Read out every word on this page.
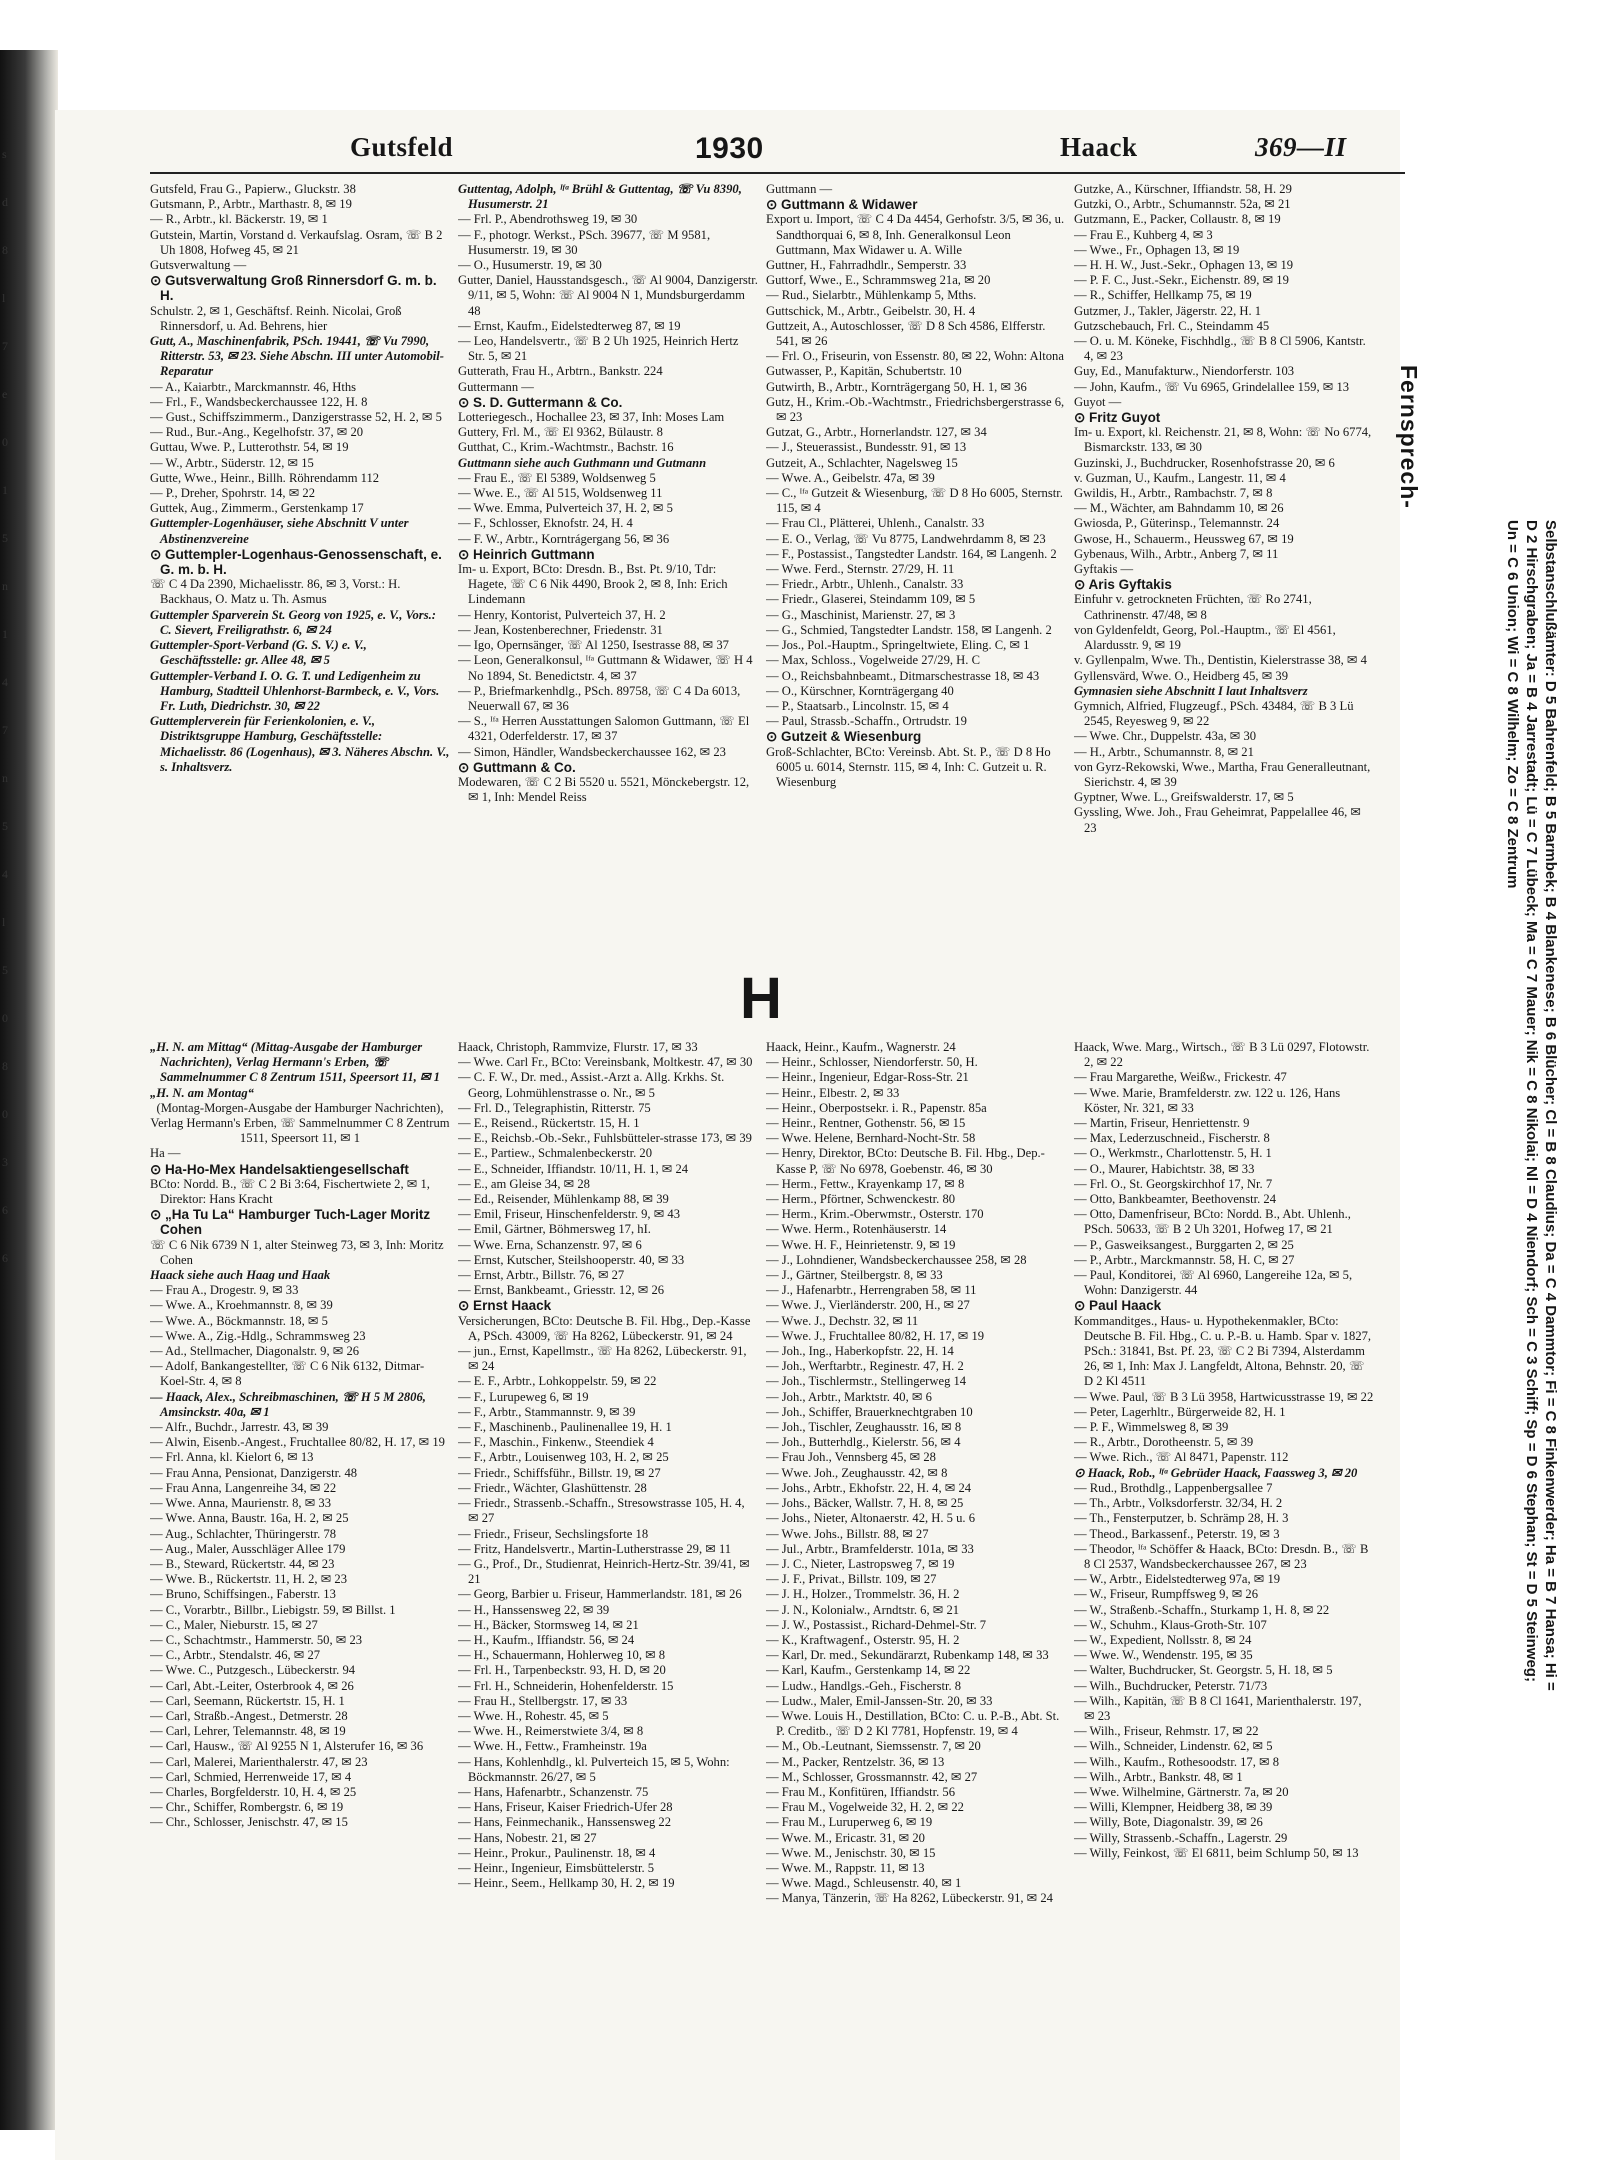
s
d
8
l
7
e
0
1
5
n
1
4
7
n
5
4
l
5
0
8
0
3
6
6
Gutsfeld	1930	Haack	369—II

Gutsfeld, Frau G., Papierw., Gluckstr. 38

Gutsmann, P., Arbtr., Marthastr. 8, ✉ 19

— R., Arbtr., kl. Bäckerstr. 19, ✉ 1

Gutstein, Martin, Vorstand d. Verkaufslag. Osram, ☏ B 2 Uh 1808, Hofweg 45, ✉ 21

Gutsverwaltung —

⊙ Gutsverwaltung Groß Rinnersdorf G. m. b. H.

Schulstr. 2, ✉ 1, Geschäftsf. Reinh. Nicolai, Groß Rinnersdorf, u. Ad. Behrens, hier

Gutt, A., Maschinenfabrik, PSch. 19441, ☏ Vu 7990, Ritterstr. 53, ✉ 23. Siehe Abschn. III unter Automobil-Reparatur

— A., Kaiarbtr., Marckmannstr. 46, Hths

— Frl., F., Wandsbeckerchaussee 122, H. 8

— Gust., Schiffszimmerm., Danzigerstrasse 52, H. 2, ✉ 5

— Rud., Bur.-Ang., Kegelhofstr. 37, ✉ 20

Guttau, Wwe. P., Lutterothstr. 54, ✉ 19

— W., Arbtr., Süderstr. 12, ✉ 15

Gutte, Wwe., Heinr., Billh. Röhrendamm 112

— P., Dreher, Spohrstr. 14, ✉ 22

Guttek, Aug., Zimmerm., Gerstenkamp 17

Guttempler-Logenhäuser, siehe Abschnitt V unter Abstinenzvereine

⊙ Guttempler-Logenhaus-Genossenschaft, e. G. m. b. H.

☏ C 4 Da 2390, Michaelisstr. 86, ✉ 3, Vorst.: H. Backhaus, O. Matz u. Th. Asmus

Guttempler Sparverein St. Georg von 1925, e. V., Vors.: C. Sievert, Freiligrathstr. 6, ✉ 24

Guttempler-Sport-Verband (G. S. V.) e. V., Geschäftsstelle: gr. Allee 48, ✉ 5

Guttempler-Verband I. O. G. T. und Ledigenheim zu Hamburg, Stadtteil Uhlenhorst-Barmbeck, e. V., Vors. Fr. Luth, Diedrichstr. 30, ✉ 22

Guttemplerverein für Ferienkolonien, e. V., Distriktsgruppe Hamburg, Geschäftsstelle: Michaelisstr. 86 (Logenhaus), ✉ 3. Näheres Abschn. V., s. Inhaltsverz.

Guttentag, Adolph, ᴵᶠᵃ Brühl & Guttentag, ☏ Vu 8390, Husumerstr. 21

— Frl. P., Abendrothsweg 19, ✉ 30

— F., photogr. Werkst., PSch. 39677, ☏ M 9581, Husumerstr. 19, ✉ 30

— O., Husumerstr. 19, ✉ 30

Gutter, Daniel, Hausstandsgesch., ☏ Al 9004, Danzigerstr. 9/11, ✉ 5, Wohn: ☏ Al 9004 N 1, Mundsburgerdamm 48

— Ernst, Kaufm., Eidelstedterweg 87, ✉ 19

— Leo, Handelsvertr., ☏ B 2 Uh 1925, Heinrich Hertz Str. 5, ✉ 21

Gutterath, Frau H., Arbtrn., Bankstr. 224

Guttermann —

⊙ S. D. Guttermann & Co.

Lotteriegesch., Hochallee 23, ✉ 37, Inh: Moses Lam

Guttery, Frl. M., ☏ El 9362, Bülaustr. 8

Gutthat, C., Krim.-Wachtmstr., Bachstr. 16

Guttmann siehe auch Guthmann und Gutmann

— Frau E., ☏ El 5389, Woldsenweg 5

— Wwe. E., ☏ Al 515, Woldsenweg 11

— Wwe. Emma, Pulverteich 37, H. 2, ✉ 5

— F., Schlosser, Eknofstr. 24, H. 4

— F. W., Arbtr., Korntrágergang 56, ✉ 36

⊙ Heinrich Guttmann

Im- u. Export, BCto: Dresdn. B., Bst. Pt. 9/10, Tdr: Hagete, ☏ C 6 Nik 4490, Brook 2, ✉ 8, Inh: Erich Lindemann

— Henry, Kontorist, Pulverteich 37, H. 2

— Jean, Kostenberechner, Friedenstr. 31

— Igo, Opernsänger, ☏ Al 1250, Isestrasse 88, ✉ 37

— Leon, Generalkonsul, ᴵᶠᵃ Guttmann & Widawer, ☏ H 4 No 1894, St. Benedictstr. 4, ✉ 37

— P., Briefmarkenhdlg., PSch. 89758, ☏ C 4 Da 6013, Neuerwall 67, ✉ 36

— S., ᴵᶠᵃ Herren Ausstattungen Salomon Guttmann, ☏ El 4321, Oderfelderstr. 17, ✉ 37

— Simon, Händler, Wandsbeckerchaussee 162, ✉ 23

⊙ Guttmann & Co.

Modewaren, ☏ C 2 Bi 5520 u. 5521, Mönckebergstr. 12, ✉ 1, Inh: Mendel Reiss

Guttmann —

⊙ Guttmann & Widawer

Export u. Import, ☏ C 4 Da 4454, Gerhofstr. 3/5, ✉ 36, u. Sandthorquai 6, ✉ 8, Inh. Generalkonsul Leon Guttmann, Max Widawer u. A. Wille

Guttner, H., Fahrradhdlr., Semperstr. 33

Guttorf, Wwe., E., Schrammsweg 21a, ✉ 20

— Rud., Sielarbtr., Mühlenkamp 5, Mths.

Guttschick, M., Arbtr., Geibelstr. 30, H. 4

Guttzeit, A., Autoschlosser, ☏ D 8 Sch 4586, Elfferstr. 541, ✉ 26

— Frl. O., Friseurin, von Essenstr. 80, ✉ 22, Wohn: Altona

Gutwasser, P., Kapitän, Schubertstr. 10

Gutwirth, B., Arbtr., Kornträgergang 50, H. 1, ✉ 36

Gutz, H., Krim.-Ob.-Wachtmstr., Friedrichsbergerstrasse 6, ✉ 23

Gutzat, G., Arbtr., Hornerlandstr. 127, ✉ 34

— J., Steuerassist., Bundesstr. 91, ✉ 13

Gutzeit, A., Schlachter, Nagelsweg 15

— Wwe. A., Geibelstr. 47a, ✉ 39

— C., ᴵᶠᵃ Gutzeit & Wiesenburg, ☏ D 8 Ho 6005, Sternstr. 115, ✉ 4

— Frau Cl., Plätterei, Uhlenh., Canalstr. 33

— E. O., Verlag, ☏ Vu 8775, Landwehrdamm 8, ✉ 23

— F., Postassist., Tangstedter Landstr. 164, ✉ Langenh. 2

— Wwe. Ferd., Sternstr. 27/29, H. 11

— Friedr., Arbtr., Uhlenh., Canalstr. 33

— Friedr., Glaserei, Steindamm 109, ✉ 5

— G., Maschinist, Marienstr. 27, ✉ 3

— G., Schmied, Tangstedter Landstr. 158, ✉ Langenh. 2

— Jos., Pol.-Hauptm., Springeltwiete, Eling. C, ✉ 1

— Max, Schloss., Vogelweide 27/29, H. C

— O., Reichsbahnbeamt., Ditmarschestrasse 18, ✉ 43

— O., Kürschner, Kornträgergang 40

— P., Staatsarb., Lincolnstr. 15, ✉ 4

— Paul, Strassb.-Schaffn., Ortrudstr. 19

⊙ Gutzeit & Wiesenburg

Groß-Schlachter, BCto: Vereinsb. Abt. St. P., ☏ D 8 Ho 6005 u. 6014, Sternstr. 115, ✉ 4, Inh: C. Gutzeit u. R. Wiesenburg

Gutzke, A., Kürschner, Iffiandstr. 58, H. 29

Gutzki, O., Arbtr., Schumannstr. 52a, ✉ 21

Gutzmann, E., Packer, Collaustr. 8, ✉ 19

— Frau E., Kuhberg 4, ✉ 3

— Wwe., Fr., Ophagen 13, ✉ 19

— H. H. W., Just.-Sekr., Ophagen 13, ✉ 19

— P. F. C., Just.-Sekr., Eichenstr. 89, ✉ 19

— R., Schiffer, Hellkamp 75, ✉ 19

Gutzmer, J., Takler, Jägerstr. 22, H. 1

Gutzschebauch, Frl. C., Steindamm 45

— O. u. M. Köneke, Fischhdlg., ☏ B 8 Cl 5906, Kantstr. 4, ✉ 23

Guy, Ed., Manufakturw., Niendorferstr. 103

— John, Kaufm., ☏ Vu 6965, Grindelallee 159, ✉ 13

Guyot —

⊙ Fritz Guyot

Im- u. Export, kl. Reichenstr. 21, ✉ 8, Wohn: ☏ No 6774, Bismarckstr. 133, ✉ 30

Guzinski, J., Buchdrucker, Rosenhofstrasse 20, ✉ 6

v. Guzman, U., Kaufm., Langestr. 11, ✉ 4

Gwildis, H., Arbtr., Rambachstr. 7, ✉ 8

— M., Wächter, am Bahndamm 10, ✉ 26

Gwiosda, P., Güterinsp., Telemannstr. 24

Gwose, H., Schauerm., Heussweg 67, ✉ 19

Gybenaus, Wilh., Arbtr., Anberg 7, ✉ 11

Gyftakis —

⊙ Aris Gyftakis

Einfuhr v. getrockneten Früchten, ☏ Ro 2741, Cathrinenstr. 47/48, ✉ 8

von Gyldenfeldt, Georg, Pol.-Hauptm., ☏ El 4561, Alardusstr. 9, ✉ 19

v. Gyllenpalm, Wwe. Th., Dentistin, Kielerstrasse 38, ✉ 4

Gyllensvärd, Wwe. O., Heidberg 45, ✉ 39

Gymnasien siehe Abschnitt I laut Inhaltsverz

Gymnich, Alfried, Flugzeugf., PSch. 43484, ☏ B 3 Lü 2545, Reyesweg 9, ✉ 22

— Wwe. Chr., Duppelstr. 43a, ✉ 30

— H., Arbtr., Schumannstr. 8, ✉ 21

von Gyrz-Rekowski, Wwe., Martha, Frau Generalleutnant, Sierichstr. 4, ✉ 39

Gyptner, Wwe. L., Greifswalderstr. 17, ✉ 5

Gyssling, Wwe. Joh., Frau Geheimrat, Pappelallee 46, ✉ 23

H

„H. N. am Mittag“ (Mittag-Ausgabe der Hamburger Nachrichten), Verlag Hermann's Erben, ☏ Sammelnummer C 8 Zentrum 1511, Speersort 11, ✉ 1

„H. N. am Montag“

(Montag-Morgen-Ausgabe der Hamburger Nachrichten), Verlag Hermann's Erben, ☏ Sammelnummer C 8 Zentrum 1511, Speersort 11, ✉ 1

Ha —

⊙ Ha-Ho-Mex Handelsaktiengesellschaft

BCto: Nordd. B., ☏ C 2 Bi 3:64, Fischertwiete 2, ✉ 1, Direktor: Hans Kracht

⊙ „Ha Tu La“ Hamburger Tuch-Lager Moritz Cohen

☏ C 6 Nik 6739 N 1, alter Steinweg 73, ✉ 3, Inh: Moritz Cohen

Haack siehe auch Haag und Haak

— Frau A., Drogestr. 9, ✉ 33

— Wwe. A., Kroehmannstr. 8, ✉ 39

— Wwe. A., Böckmannstr. 18, ✉ 5

— Wwe. A., Zig.-Hdlg., Schrammsweg 23

— Ad., Stellmacher, Diagonalstr. 9, ✉ 26

— Adolf, Bankangestellter, ☏ C 6 Nik 6132, Ditmar-Koel-Str. 4, ✉ 8

— Haack, Alex., Schreibmaschinen, ☏ H 5 M 2806, Amsinckstr. 40a, ✉ 1

— Alfr., Buchdr., Jarrestr. 43, ✉ 39

— Alwin, Eisenb.-Angest., Fruchtallee 80/82, H. 17, ✉ 19

— Frl. Anna, kl. Kielort 6, ✉ 13

— Frau Anna, Pensionat, Danzigerstr. 48

— Frau Anna, Langenreihe 34, ✉ 22

— Wwe. Anna, Maurienstr. 8, ✉ 33

— Wwe. Anna, Baustr. 16a, H. 2, ✉ 25

— Aug., Schlachter, Thüringerstr. 78

— Aug., Maler, Ausschläger Allee 179

— B., Steward, Rückertstr. 44, ✉ 23

— Wwe. B., Rückertstr. 11, H. 2, ✉ 23

— Bruno, Schiffsingen., Faberstr. 13

— C., Vorarbtr., Billbr., Liebigstr. 59, ✉ Billst. 1

— C., Maler, Nieburstr. 15, ✉ 27

— C., Schachtmstr., Hammerstr. 50, ✉ 23

— C., Arbtr., Stendalstr. 46, ✉ 27

— Wwe. C., Putzgesch., Lübeckerstr. 94

— Carl, Abt.-Leiter, Osterbrook 4, ✉ 26

— Carl, Seemann, Rückertstr. 15, H. 1

— Carl, Straßb.-Angest., Detmerstr. 28

— Carl, Lehrer, Telemannstr. 48, ✉ 19

— Carl, Hausw., ☏ Al 9255 N 1, Alsterufer 16, ✉ 36

— Carl, Malerei, Marienthalerstr. 47, ✉ 23

— Carl, Schmied, Herrenweide 17, ✉ 4

— Charles, Borgfelderstr. 10, H. 4, ✉ 25

— Chr., Schiffer, Rombergstr. 6, ✉ 19

— Chr., Schlosser, Jenischstr. 47, ✉ 15

Haack, Christoph, Rammvize, Flurstr. 17, ✉ 33

— Wwe. Carl Fr., BCto: Vereinsbank, Moltkestr. 47, ✉ 30

— C. F. W., Dr. med., Assist.-Arzt a. Allg. Krkhs. St. Georg, Lohmühlenstrasse o. Nr., ✉ 5

— Frl. D., Telegraphistin, Ritterstr. 75

— E., Reisend., Rückertstr. 15, H. 1

— E., Reichsb.-Ob.-Sekr., Fuhlsbütteler-strasse 173, ✉ 39

— E., Partiew., Schmalenbeckerstr. 20

— E., Schneider, Iffiandstr. 10/11, H. 1, ✉ 24

— E., am Gleise 34, ✉ 28

— Ed., Reisender, Mühlenkamp 88, ✉ 39

— Emil, Friseur, Hinschenfelderstr. 9, ✉ 43

— Emil, Gärtner, Böhmersweg 17, hI.

— Wwe. Erna, Schanzenstr. 97, ✉ 6

— Ernst, Kutscher, Steilshooperstr. 40, ✉ 33

— Ernst, Arbtr., Billstr. 76, ✉ 27

— Ernst, Bankbeamt., Griesstr. 12, ✉ 26

⊙ Ernst Haack

Versicherungen, BCto: Deutsche B. Fil. Hbg., Dep.-Kasse A, PSch. 43009, ☏ Ha 8262, Lübeckerstr. 91, ✉ 24

— jun., Ernst, Kapellmstr., ☏ Ha 8262, Lübeckerstr. 91, ✉ 24

— E. F., Arbtr., Lohkoppelstr. 59, ✉ 22

— F., Lurupeweg 6, ✉ 19

— F., Arbtr., Stammannstr. 9, ✉ 39

— F., Maschinenb., Paulinenallee 19, H. 1

— F., Maschin., Finkenw., Steendiek 4

— F., Arbtr., Louisenweg 103, H. 2, ✉ 25

— Friedr., Schiffsführ., Billstr. 19, ✉ 27

— Friedr., Wächter, Glashüttenstr. 28

— Friedr., Strassenb.-Schaffn., Stresowstrasse 105, H. 4, ✉ 27

— Friedr., Friseur, Sechslingsforte 18

— Fritz, Handelsvertr., Martin-Lutherstrasse 29, ✉ 11

— G., Prof., Dr., Studienrat, Heinrich-Hertz-Str. 39/41, ✉ 21

— Georg, Barbier u. Friseur, Hammerlandstr. 181, ✉ 26

— H., Hanssensweg 22, ✉ 39

— H., Bäcker, Stormsweg 14, ✉ 21

— H., Kaufm., Iffiandstr. 56, ✉ 24

— H., Schauermann, Hohlerweg 10, ✉ 8

— Frl. H., Tarpenbeckstr. 93, H. D, ✉ 20

— Frl. H., Schneiderin, Hohenfelderstr. 15

— Frau H., Stellbergstr. 17, ✉ 33

— Wwe. H., Rohestr. 45, ✉ 5

— Wwe. H., Reimerstwiete 3/4, ✉ 8

— Wwe. H., Fettw., Framheinstr. 19a

— Hans, Kohlenhdlg., kl. Pulverteich 15, ✉ 5, Wohn: Böckmannstr. 26/27, ✉ 5

— Hans, Hafenarbtr., Schanzenstr. 75

— Hans, Friseur, Kaiser Friedrich-Ufer 28

— Hans, Feinmechanik., Hanssensweg 22

— Hans, Nobestr. 21, ✉ 27

— Heinr., Prokur., Paulinenstr. 18, ✉ 4

— Heinr., Ingenieur, Eimsbüttelerstr. 5

— Heinr., Seem., Hellkamp 30, H. 2, ✉ 19

Haack, Heinr., Kaufm., Wagnerstr. 24

— Heinr., Schlosser, Niendorferstr. 50, H.

— Heinr., Ingenieur, Edgar-Ross-Str. 21

— Heinr., Elbestr. 2, ✉ 33

— Heinr., Oberpostsekr. i. R., Papenstr. 85a

— Heinr., Rentner, Gothenstr. 56, ✉ 15

— Wwe. Helene, Bernhard-Nocht-Str. 58

— Henry, Direktor, BCto: Deutsche B. Fil. Hbg., Dep.-Kasse P, ☏ No 6978, Goebenstr. 46, ✉ 30

— Herm., Fettw., Krayenkamp 17, ✉ 8

— Herm., Pförtner, Schwenckestr. 80

— Herm., Krim.-Oberwmstr., Osterstr. 170

— Wwe. Herm., Rotenhäuserstr. 14

— Wwe. H. F., Heinrietenstr. 9, ✉ 19

— J., Lohndiener, Wandsbeckerchaussee 258, ✉ 28

— J., Gärtner, Steilbergstr. 8, ✉ 33

— J., Hafenarbtr., Herrengraben 58, ✉ 11

— Wwe. J., Vierländerstr. 200, H., ✉ 27

— Wwe. J., Dechstr. 32, ✉ 11

— Wwe. J., Fruchtallee 80/82, H. 17, ✉ 19

— Joh., Ing., Haberkopfstr. 22, H. 14

— Joh., Werftarbtr., Reginestr. 47, H. 2

— Joh., Tischlermstr., Stellingerweg 14

— Joh., Arbtr., Marktstr. 40, ✉ 6

— Joh., Schiffer, Brauerknechtgraben 10

— Joh., Tischler, Zeughausstr. 16, ✉ 8

— Joh., Butterhdlg., Kielerstr. 56, ✉ 4

— Frau Joh., Vennsberg 45, ✉ 28

— Wwe. Joh., Zeughausstr. 42, ✉ 8

— Johs., Arbtr., Ekhofstr. 22, H. 4, ✉ 24

— Johs., Bäcker, Wallstr. 7, H. 8, ✉ 25

— Johs., Nieter, Altonaerstr. 42, H. 5 u. 6

— Wwe. Johs., Billstr. 88, ✉ 27

— Jul., Arbtr., Bramfelderstr. 101a, ✉ 33

— J. C., Nieter, Lastropsweg 7, ✉ 19

— J. F., Privat., Billstr. 109, ✉ 27

— J. H., Holzer., Trommelstr. 36, H. 2

— J. N., Kolonialw., Arndtstr. 6, ✉ 21

— J. W., Postassist., Richard-Dehmel-Str. 7

— K., Kraftwagenf., Osterstr. 95, H. 2

— Karl, Dr. med., Sekundärarzt, Rubenkamp 148, ✉ 33

— Karl, Kaufm., Gerstenkamp 14, ✉ 22

— Ludw., Handlgs.-Geh., Fischerstr. 8

— Ludw., Maler, Emil-Janssen-Str. 20, ✉ 33

— Wwe. Louis H., Destillation, BCto: C. u. P.-B., Abt. St. P. Creditb., ☏ D 2 Kl 7781, Hopfenstr. 19, ✉ 4

— M., Ob.-Leutnant, Siemssenstr. 7, ✉ 20

— M., Packer, Rentzelstr. 36, ✉ 13

— M., Schlosser, Grossmannstr. 42, ✉ 27

— Frau M., Konfitüren, Iffiandstr. 56

— Frau M., Vogelweide 32, H. 2, ✉ 22

— Frau M., Luruperweg 6, ✉ 19

— Wwe. M., Ericastr. 31, ✉ 20

— Wwe. M., Jenischstr. 30, ✉ 15

— Wwe. M., Rappstr. 11, ✉ 13

— Wwe. Magd., Schleusenstr. 40, ✉ 1

— Manya, Tänzerin, ☏ Ha 8262, Lübeckerstr. 91, ✉ 24

Haack, Wwe. Marg., Wirtsch., ☏ B 3 Lü 0297, Flotowstr. 2, ✉ 22

— Frau Margarethe, Weißw., Frickestr. 47

— Wwe. Marie, Bramfelderstr. zw. 122 u. 126, Hans Köster, Nr. 321, ✉ 33

— Martin, Friseur, Henriettenstr. 9

— Max, Lederzuschneid., Fischerstr. 8

— O., Werkmstr., Charlottenstr. 5, H. 1

— O., Maurer, Habichtstr. 38, ✉ 33

— Frl. O., St. Georgskirchhof 17, Nr. 7

— Otto, Bankbeamter, Beethovenstr. 24

— Otto, Damenfriseur, BCto: Nordd. B., Abt. Uhlenh., PSch. 50633, ☏ B 2 Uh 3201, Hofweg 17, ✉ 21

— P., Gasweiksangest., Burggarten 2, ✉ 25

— P., Arbtr., Marckmannstr. 58, H. C, ✉ 27

— Paul, Konditorei, ☏ Al 6960, Langereihe 12a, ✉ 5, Wohn: Danzigerstr. 44

⊙ Paul Haack

Kommanditges., Haus- u. Hypothekenmakler, BCto: Deutsche B. Fil. Hbg., C. u. P.-B. u. Hamb. Spar v. 1827, PSch.: 31841, Bst. Pf. 23, ☏ C 2 Bi 7394, Alsterdamm 26, ✉ 1, Inh: Max J. Langfeldt, Altona, Behnstr. 20, ☏ D 2 Kl 4511

— Wwe. Paul, ☏ B 3 Lü 3958, Hartwicusstrasse 19, ✉ 22

— Peter, Lagerhltr., Bürgerweide 82, H. 1

— P. F., Wimmelsweg 8, ✉ 39

— R., Arbtr., Dorotheenstr. 5, ✉ 39

— Wwe. Rich., ☏ Al 8471, Papenstr. 112

⊙ Haack, Rob., ᴵᶠᵃ Gebrüder Haack, Faassweg 3, ✉ 20

— Rud., Brothdlg., Lappenbergsallee 7

— Th., Arbtr., Volksdorferstr. 32/34, H. 2

— Th., Fensterputzer, b. Schrämp 28, H. 3

— Theod., Barkassenf., Peterstr. 19, ✉ 3

— Theodor, ᴵᶠᵃ Schöffer & Haack, BCto: Dresdn. B., ☏ B 8 Cl 2537, Wandsbeckerchaussee 267, ✉ 23

— W., Arbtr., Eidelstedterweg 97a, ✉ 19

— W., Friseur, Rumpffsweg 9, ✉ 26

— W., Straßenb.-Schaffn., Sturkamp 1, H. 8, ✉ 22

— W., Schuhm., Klaus-Groth-Str. 107

— W., Expedient, Nollsstr. 8, ✉ 24

— Wwe. W., Wendenstr. 195, ✉ 35

— Walter, Buchdrucker, St. Georgstr. 5, H. 18, ✉ 5

— Wilh., Buchdrucker, Peterstr. 71/73

— Wilh., Kapitän, ☏ B 8 Cl 1641, Marienthalerstr. 197, ✉ 23

— Wilh., Friseur, Rehmstr. 17, ✉ 22

— Wilh., Schneider, Lindenstr. 62, ✉ 5

— Wilh., Kaufm., Rothesoodstr. 17, ✉ 8

— Wilh., Arbtr., Bankstr. 48, ✉ 1

— Wwe. Wilhelmine, Gärtnerstr. 7a, ✉ 20

— Willi, Klempner, Heidberg 38, ✉ 39

— Willy, Bote, Diagonalstr. 39, ✉ 26

— Willy, Strassenb.-Schaffn., Lagerstr. 29

— Willy, Feinkost, ☏ El 6811, beim Schlump 50, ✉ 13

Fernsprech-
Selbstanschlußämter: D 5 Bahrenfeld; B 5 Barmbek; B 4 Blankenese; B 6 Blücher; Cl = B 8 Claudius; Da = C 4 Dammtor; Fi = C 8 Finkenwerder; Ha = B 7 Hansa; Hi = D 2 Hirschgraben; Ja = B 4 Jarrestadt; Lü = C 7 Lübeck; Ma = C 7 Mauer; Nik = C 8 Nikolai; Nl = D 4 Niendorf; Sch = C 3 Schiff; Sp = D 6 Stephan; St = D 5 Steinweg; Un = C 6 Union; Wi = C 8 Wilhelm; Zo = C 8 Zentrum
